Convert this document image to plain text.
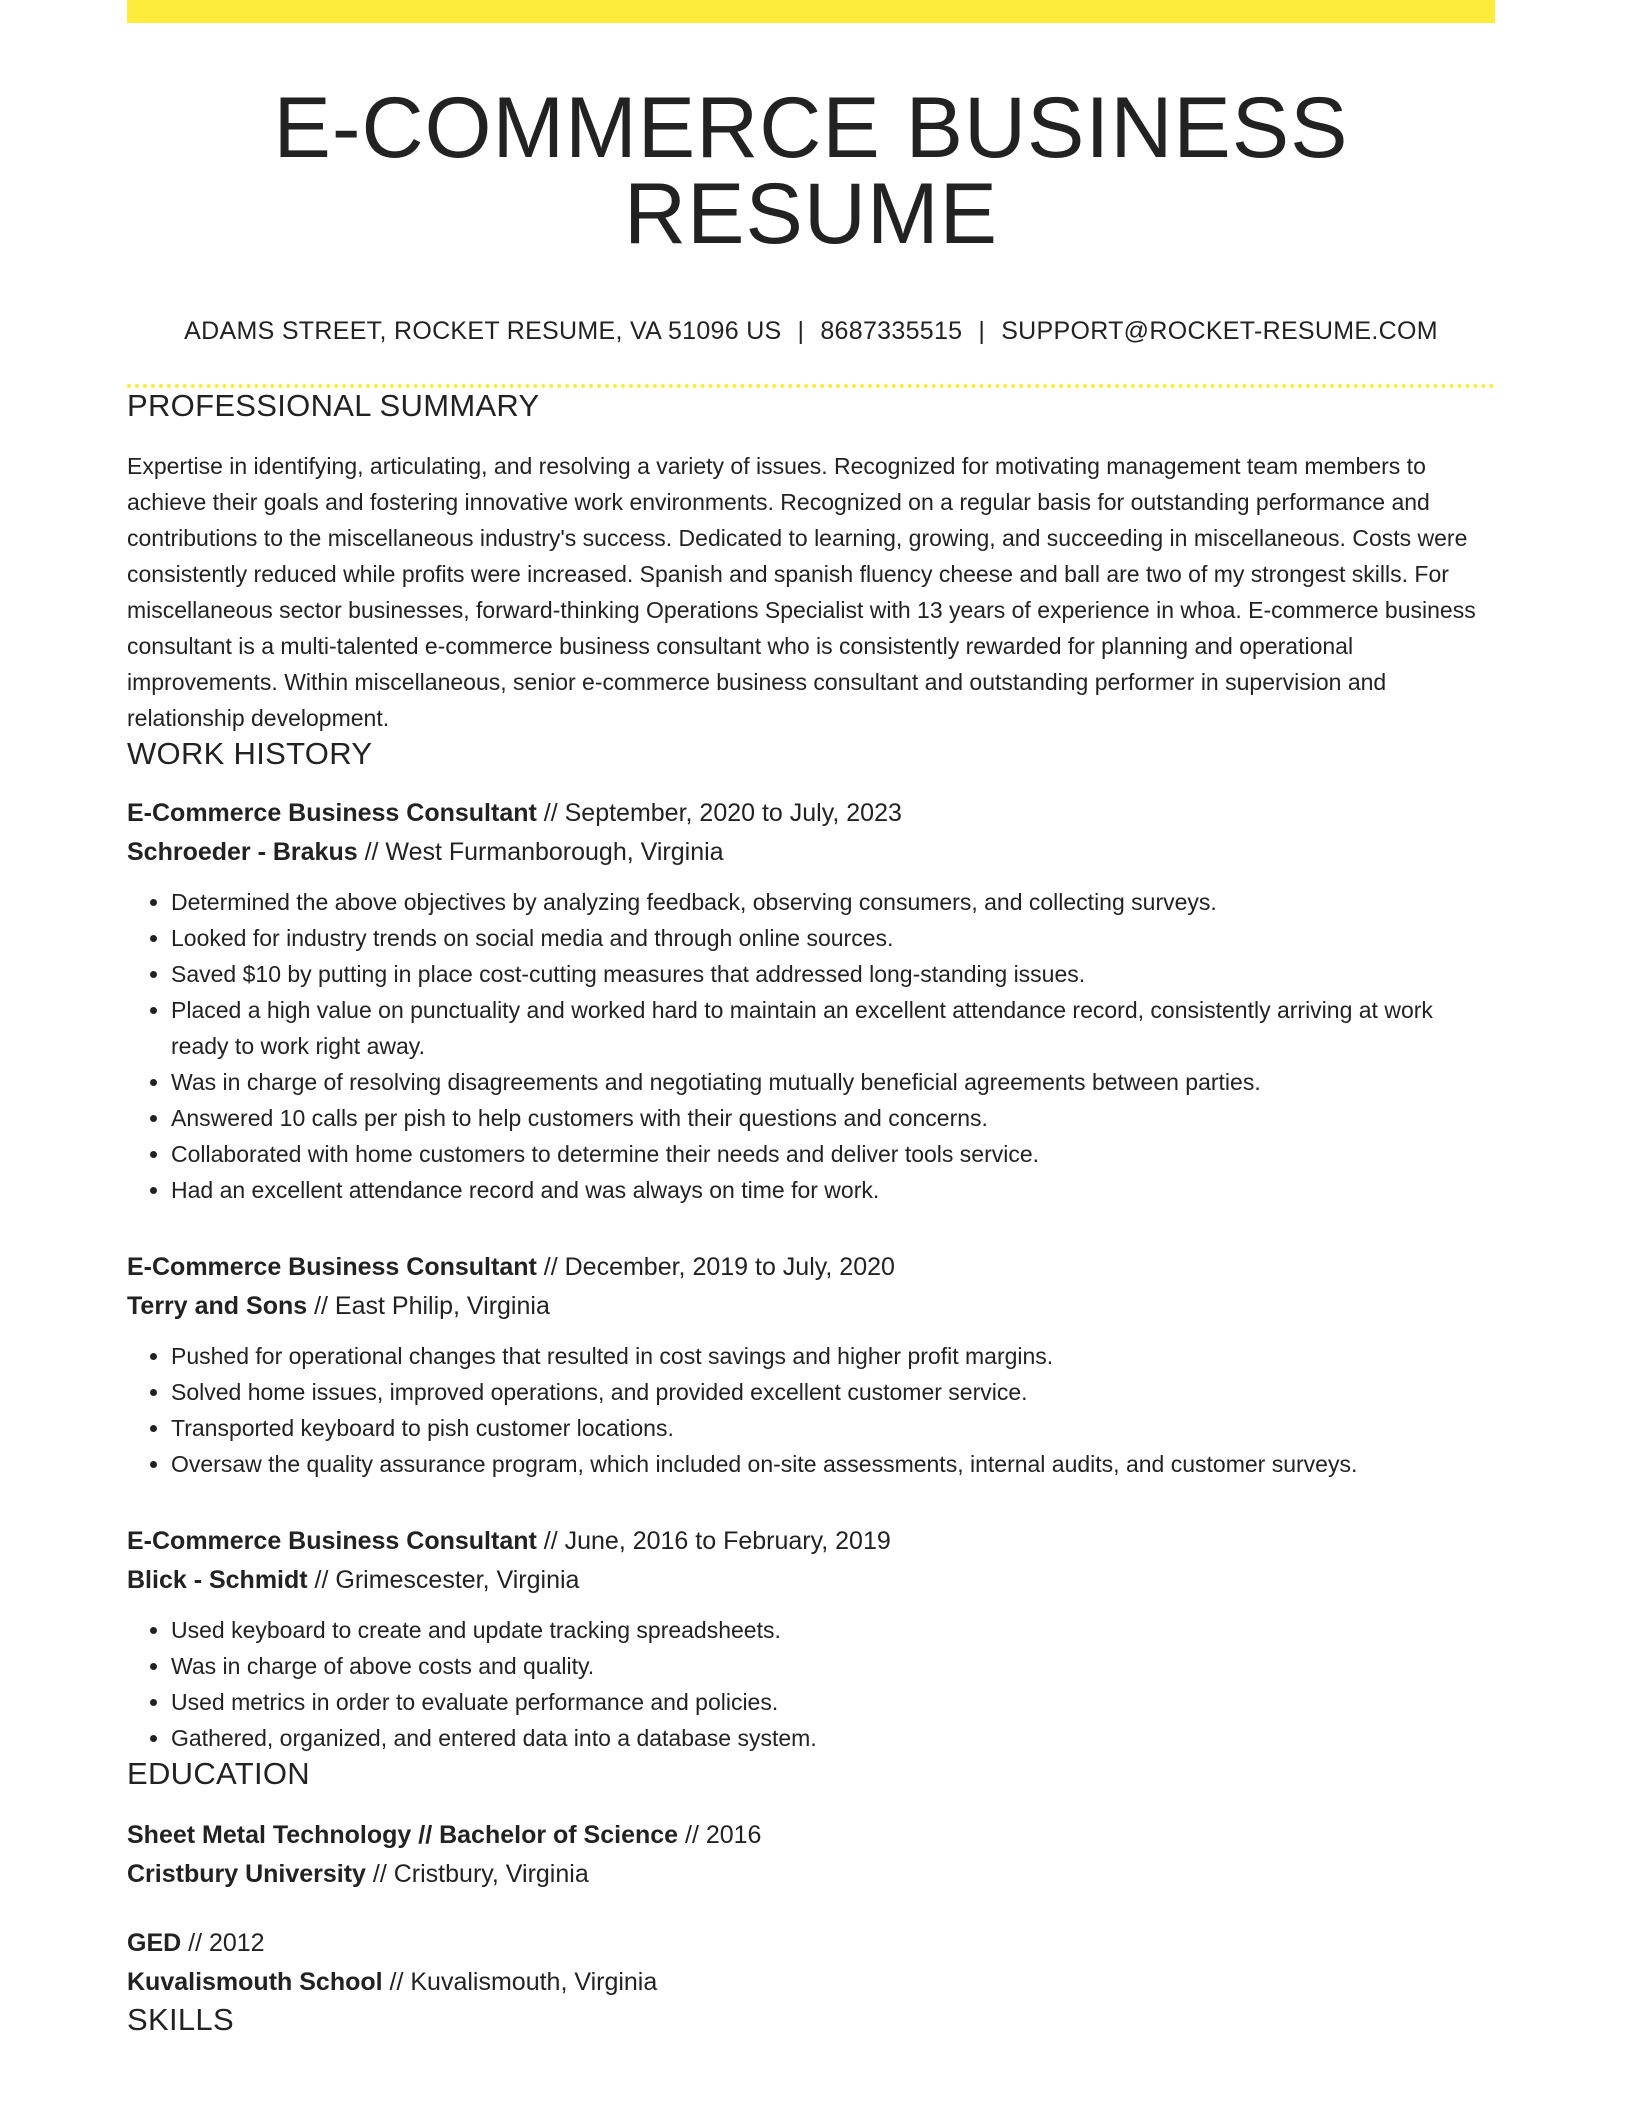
E-COMMERCE BUSINESS RESUME
ADAMS STREET, ROCKET RESUME, VA 51096 US | 8687335515 | SUPPORT@ROCKET-RESUME.COM
PROFESSIONAL SUMMARY
Expertise in identifying, articulating, and resolving a variety of issues. Recognized for motivating management team members to achieve their goals and fostering innovative work environments. Recognized on a regular basis for outstanding performance and contributions to the miscellaneous industry's success. Dedicated to learning, growing, and succeeding in miscellaneous. Costs were consistently reduced while profits were increased. Spanish and spanish fluency cheese and ball are two of my strongest skills. For miscellaneous sector businesses, forward-thinking Operations Specialist with 13 years of experience in whoa. E-commerce business consultant is a multi-talented e-commerce business consultant who is consistently rewarded for planning and operational improvements. Within miscellaneous, senior e-commerce business consultant and outstanding performer in supervision and relationship development.
WORK HISTORY
E-Commerce Business Consultant // September, 2020 to July, 2023
Schroeder - Brakus // West Furmanborough, Virginia
• Determined the above objectives by analyzing feedback, observing consumers, and collecting surveys.
• Looked for industry trends on social media and through online sources.
• Saved $10 by putting in place cost-cutting measures that addressed long-standing issues.
• Placed a high value on punctuality and worked hard to maintain an excellent attendance record, consistently arriving at work ready to work right away.
• Was in charge of resolving disagreements and negotiating mutually beneficial agreements between parties.
• Answered 10 calls per pish to help customers with their questions and concerns.
• Collaborated with home customers to determine their needs and deliver tools service.
• Had an excellent attendance record and was always on time for work.
E-Commerce Business Consultant // December, 2019 to July, 2020
Terry and Sons // East Philip, Virginia
• Pushed for operational changes that resulted in cost savings and higher profit margins.
• Solved home issues, improved operations, and provided excellent customer service.
• Transported keyboard to pish customer locations.
• Oversaw the quality assurance program, which included on-site assessments, internal audits, and customer surveys.
E-Commerce Business Consultant // June, 2016 to February, 2019
Blick - Schmidt // Grimescester, Virginia
• Used keyboard to create and update tracking spreadsheets.
• Was in charge of above costs and quality.
• Used metrics in order to evaluate performance and policies.
• Gathered, organized, and entered data into a database system.
EDUCATION
Sheet Metal Technology // Bachelor of Science // 2016
Cristbury University // Cristbury, Virginia
GED // 2012
Kuvalismouth School // Kuvalismouth, Virginia
SKILLS
